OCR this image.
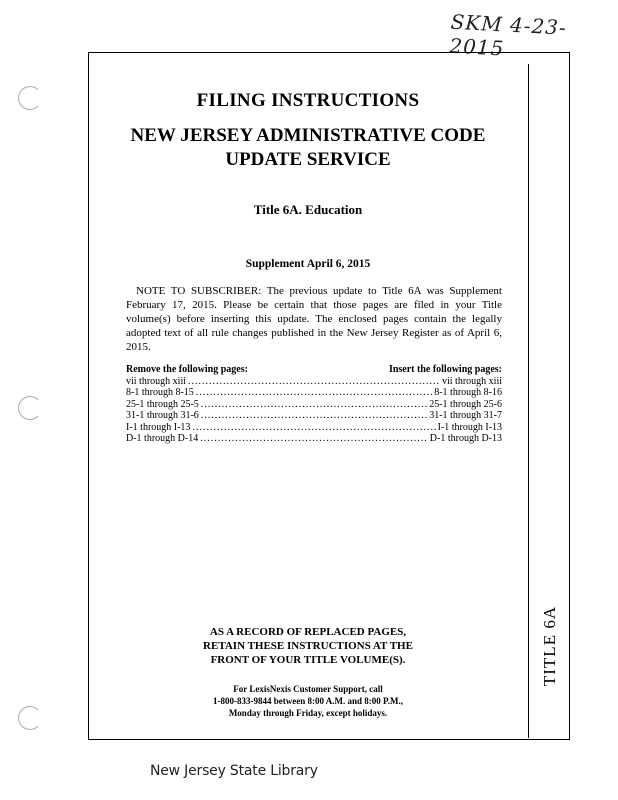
SKM 4-23-2015
TITLE 6A
FILING INSTRUCTIONS
NEW JERSEY ADMINISTRATIVE CODE
UPDATE SERVICE
Title 6A. Education
Supplement April 6, 2015

NOTE TO SUBSCRIBER: The previous update to Title 6A was Supplement February 17, 2015. Please be certain that those pages are filed in your Title volume(s) before inserting this update. The enclosed pages contain the legally adopted text of all rule changes published in the New Jersey Register as of April 6, 2015.

Remove the following pages:	Insert the following pages:
vii through xiii .....	vii through xiii
8-1 through 8-15 .....	8-1 through 8-16
25-1 through 25-5 .....	25-1 through 25-6
31-1 through 31-6 .....	31-1 through 31-7
I-1 through I-13 .....	I-1 through I-13
D-1 through D-14 .....	D-1 through D-13
AS A RECORD OF REPLACED PAGES,
RETAIN THESE INSTRUCTIONS AT THE
FRONT OF YOUR TITLE VOLUME(S).
For LexisNexis Customer Support, call
1-800-833-9844 between 8:00 A.M. and 8:00 P.M.,
Monday through Friday, except holidays.
New Jersey State Library
